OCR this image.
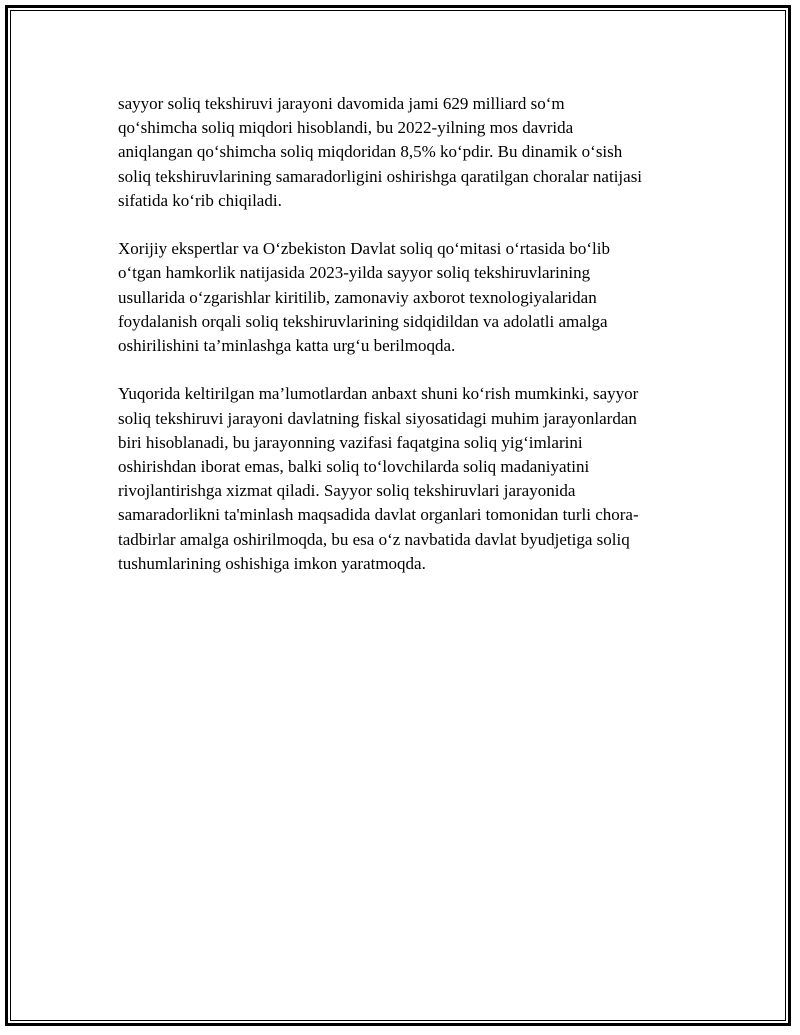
sayyor soliq tekshiruvi jarayoni davomida jami 629 milliard so‘m
qo‘shimcha soliq miqdori hisoblandi, bu 2022-yilning mos davrida
aniqlangan qo‘shimcha soliq miqdoridan 8,5% ko‘pdir. Bu dinamik o‘sish
soliq tekshiruvlarining samaradorligini oshirishga qaratilgan choralar natijasi
sifatida ko‘rib chiqiladi.

Xorijiy ekspertlar va O‘zbekiston Davlat soliq qo‘mitasi o‘rtasida bo‘lib
o‘tgan hamkorlik natijasida 2023-yilda sayyor soliq tekshiruvlarining
usullarida o‘zgarishlar kiritilib, zamonaviy axborot texnologiyalaridan
foydalanish orqali soliq tekshiruvlarining sidqidildan va adolatli amalga
oshirilishini ta’minlashga katta urg‘u berilmoqda.

Yuqorida keltirilgan ma’lumotlardan anbaxt shuni ko‘rish mumkinki, sayyor
soliq tekshiruvi jarayoni davlatning fiskal siyosatidagi muhim jarayonlardan
biri hisoblanadi, bu jarayonning vazifasi faqatgina soliq yig‘imlarini
oshirishdan iborat emas, balki soliq to‘lovchilarda soliq madaniyatini
rivojlantirishga xizmat qiladi. Sayyor soliq tekshiruvlari jarayonida
samaradorlikni ta'minlash maqsadida davlat organlari tomonidan turli chora-
tadbirlar amalga oshirilmoqda, bu esa o‘z navbatida davlat byudjetiga soliq
tushumlarining oshishiga imkon yaratmoqda.
